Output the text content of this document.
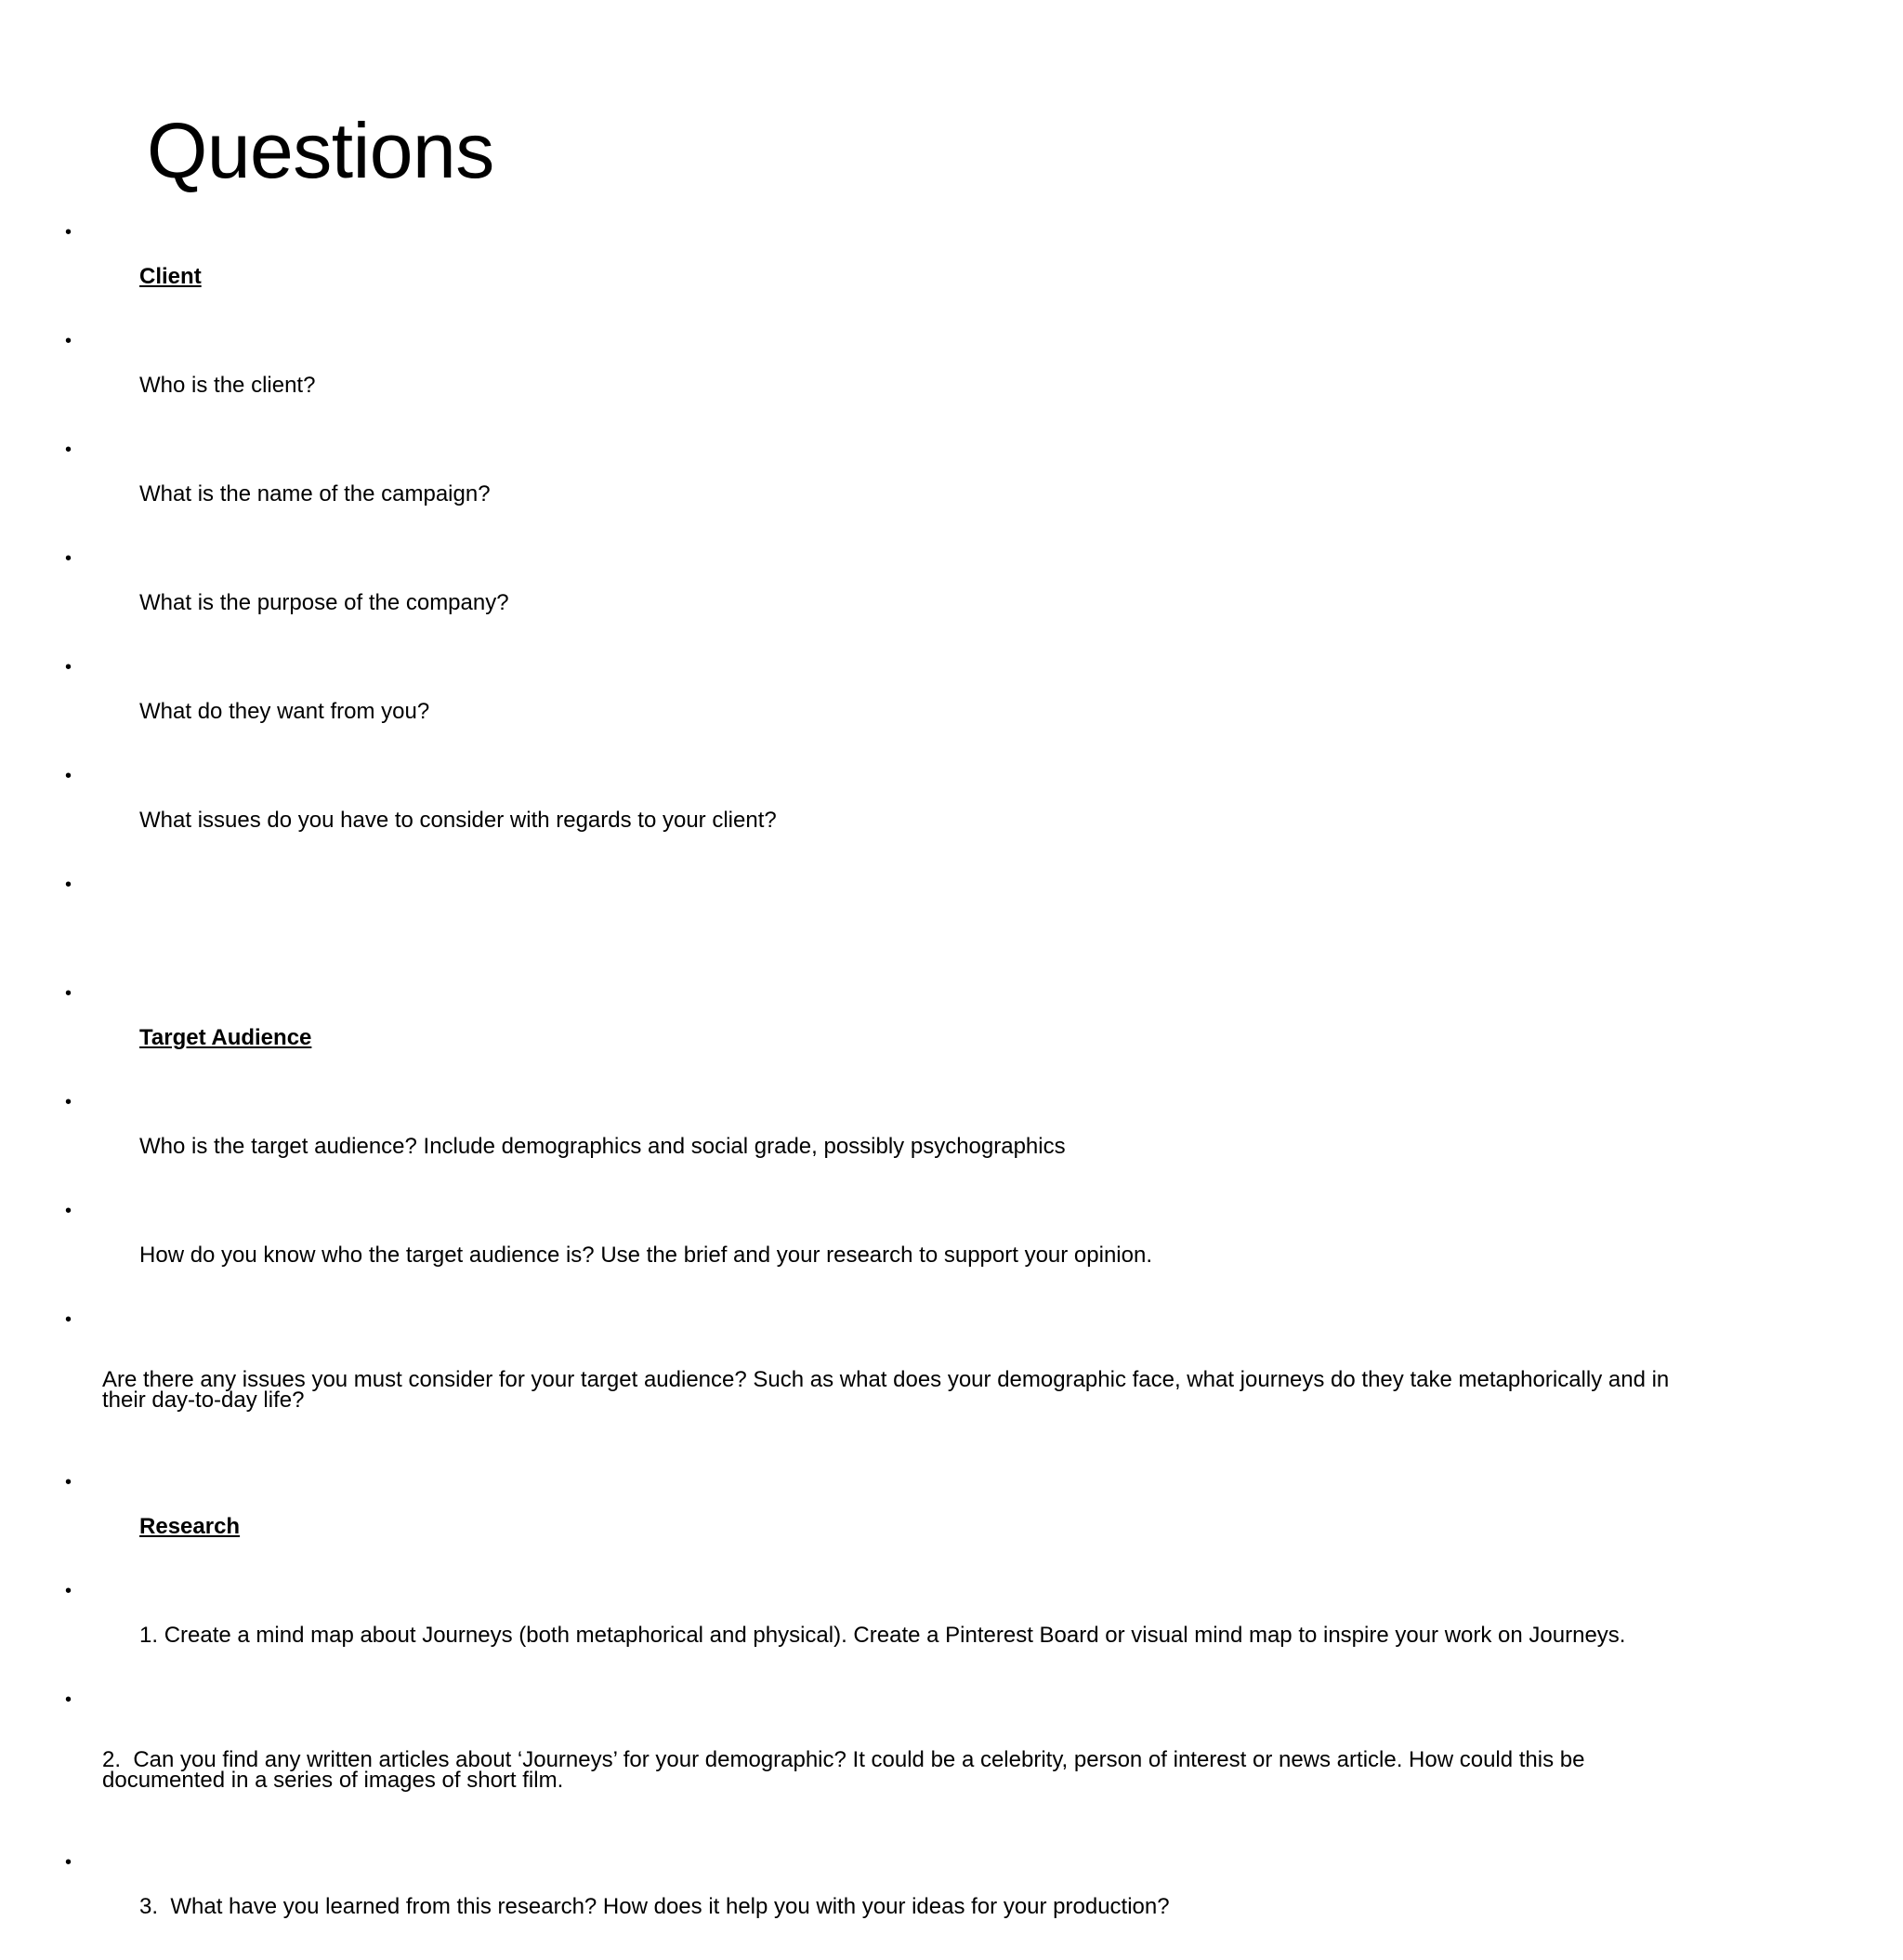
Questions

•

Client

•

Who is the client?

•

What is the name of the campaign?

•

What is the purpose of the company?

•

What do they want from you?

•

What issues do you have to consider with regards to your client?

•

•

Target Audience

•

Who is the target audience? Include demographics and social grade, possibly psychographics

•

How do you know who the target audience is? Use the brief and your research to support your opinion.

•

Are there any issues you must consider for your target audience? Such as what does your demographic face, what journeys do they take metaphorically and in their day-to-day life?

•

Research

•

1. Create a mind map about Journeys (both metaphorical and physical). Create a Pinterest Board or visual mind map to inspire your work on Journeys.

•

2.  Can you find any written articles about ‘Journeys’ for your demographic? It could be a celebrity, person of interest or news article. How could this be documented in a series of images of short film.

•

3.  What have you learned from this research? How does it help you with your ideas for your production?
